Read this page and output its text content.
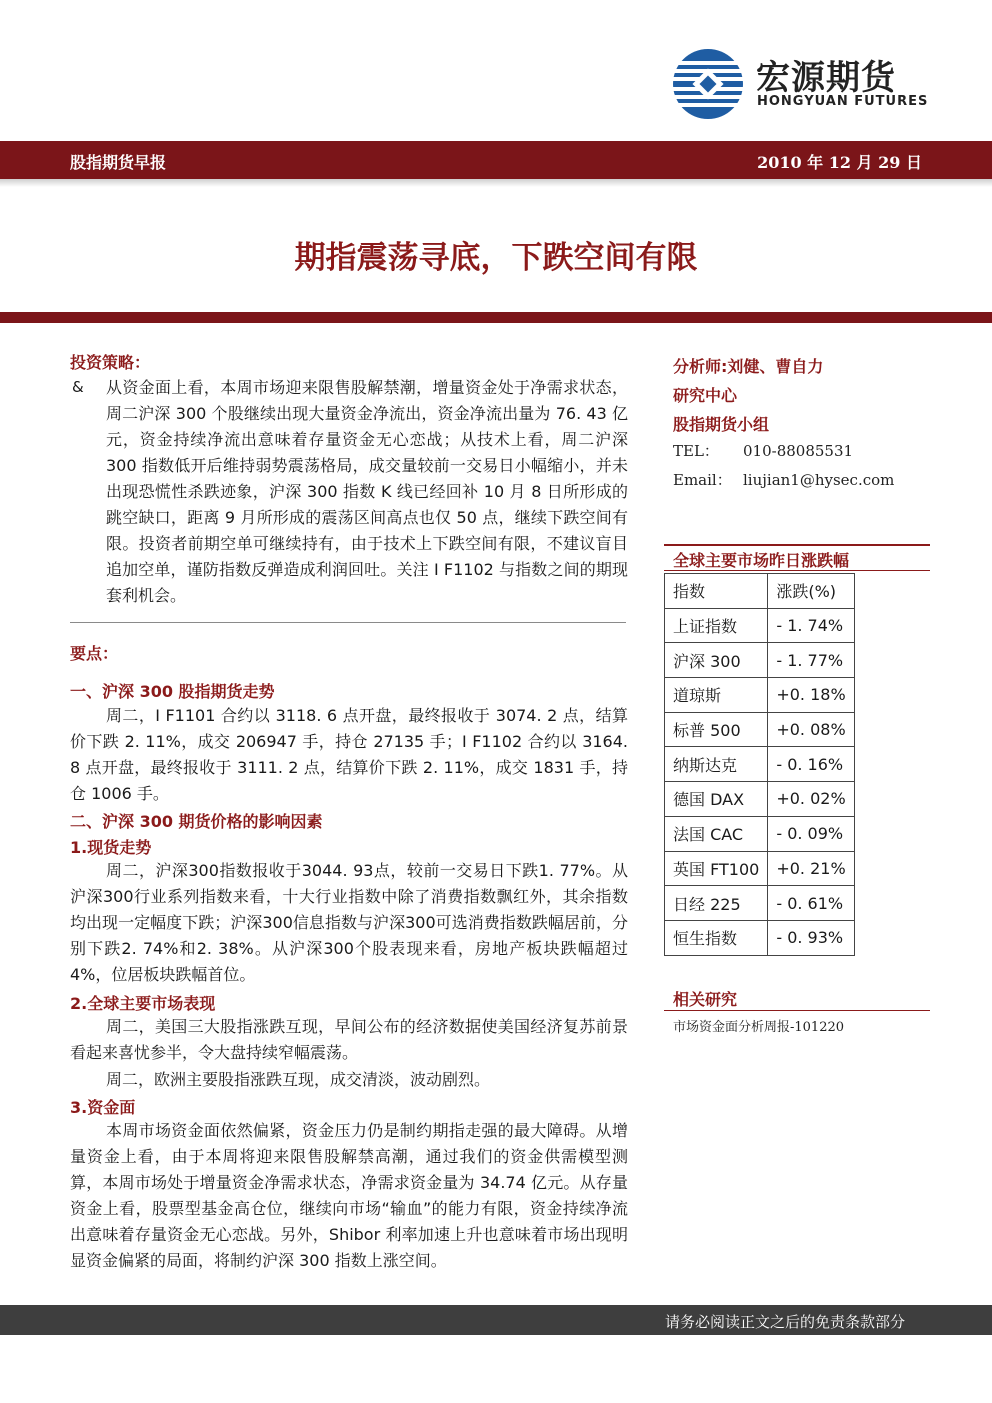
宏源期货
HONGYUAN FUTURES
股指期货早报	2010 年 12 月 29 日
期指震荡寻底，下跌空间有限
投资策略：
& 从资金面上看，本周市场迎来限售股解禁潮，增量资金处于净需求状态，周二沪深 300 个股继续出现大量资金净流出，资金净流出量为 76. 43 亿元，资金持续净流出意味着存量资金无心恋战；从技术上看，周二沪深 300 指数低开后维持弱势震荡格局，成交量较前一交易日小幅缩小，并未出现恐慌性杀跌迹象，沪深 300 指数 K 线已经回补 10 月 8 日所形成的跳空缺口，距离 9 月所形成的震荡区间高点也仅 50 点，继续下跌空间有限。投资者前期空单可继续持有，由于技术上下跌空间有限，不建议盲目追加空单，谨防指数反弹造成利润回吐。关注 I F1102 与指数之间的期现套利机会。
要点：
一、沪深 300 股指期货走势
周二，I F1101 合约以 3118. 6 点开盘，最终报收于 3074. 2 点，结算价下跌 2. 11%，成交 206947 手，持仓 27135 手；I F1102 合约以 3164. 8 点开盘，最终报收于 3111. 2 点，结算价下跌 2. 11%，成交 1831 手，持仓 1006 手。
二、沪深 300 期货价格的影响因素
1.现货走势
周二，沪深300指数报收于3044. 93点，较前一交易日下跌1. 77%。从沪深300行业系列指数来看，十大行业指数中除了消费指数飘红外，其余指数均出现一定幅度下跌；沪深300信息指数与沪深300可选消费指数跌幅居前，分别下跌2. 74%和2. 38%。从沪深300个股表现来看，房地产板块跌幅超过4%，位居板块跌幅首位。
2.全球主要市场表现
周二，美国三大股指涨跌互现，早间公布的经济数据使美国经济复苏前景看起来喜忧参半，令大盘持续窄幅震荡。
周二，欧洲主要股指涨跌互现，成交清淡，波动剧烈。
3.资金面
本周市场资金面依然偏紧，资金压力仍是制约期指走强的最大障碍。从增量资金上看，由于本周将迎来限售股解禁高潮，通过我们的资金供需模型测算，本周市场处于增量资金净需求状态，净需求资金量为 34.74 亿元。从存量资金上看，股票型基金高仓位，继续向市场“输血”的能力有限，资金持续净流出意味着存量资金无心恋战。另外，Shibor 利率加速上升也意味着市场出现明显资金偏紧的局面，将制约沪深 300 指数上涨空间。
分析师:刘健、曹自力
研究中心
股指期货小组
TEL： 010-88085531
Email： liujian1@hysec.com
全球主要市场昨日涨跌幅
指数	涨跌(%)
上证指数	- 1. 74%
沪深 300	- 1. 77%
道琼斯	+0. 18%
标普 500	+0. 08%
纳斯达克	- 0. 16%
德国 DAX	+0. 02%
法国 CAC	- 0. 09%
英国 FT100	+0. 21%
日经 225	- 0. 61%
恒生指数	- 0. 93%
相关研究
市场资金面分析周报-101220
请务必阅读正文之后的免责条款部分
